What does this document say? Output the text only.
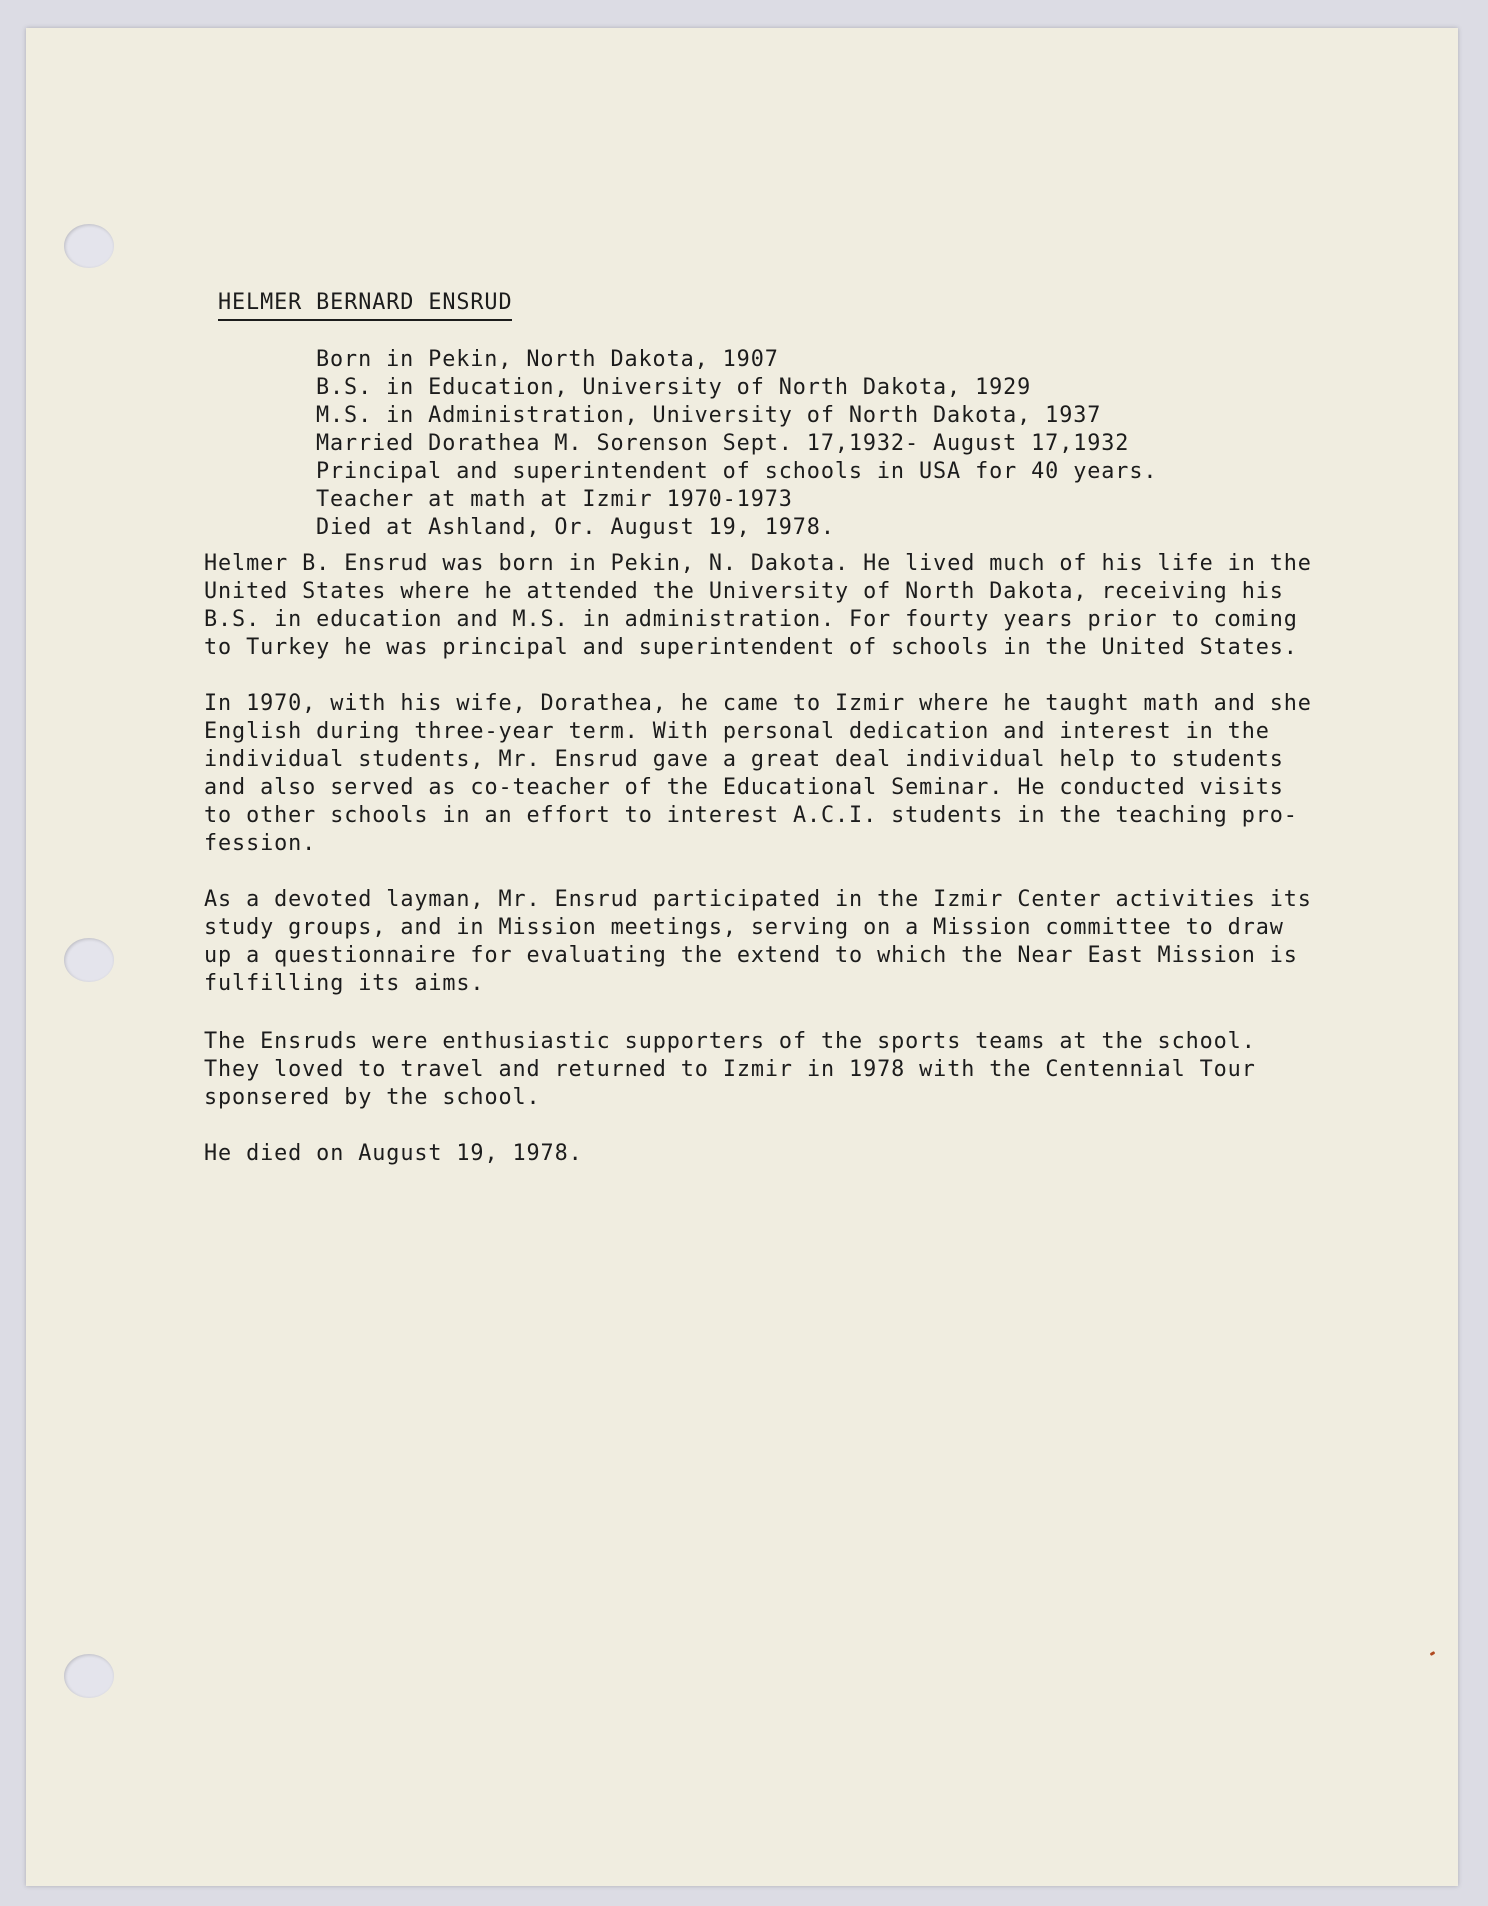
HELMER BERNARD ENSRUD
Born in Pekin, North Dakota, 1907
B.S. in Education, University of North Dakota, 1929
M.S. in Administration, University of North Dakota, 1937
Married Dorathea M. Sorenson Sept. 17,1932- August 17,1932
Principal and superintendent of schools in USA for 40 years.
Teacher at math at Izmir 1970-1973
Died at Ashland, Or. August 19, 1978.

Helmer B. Ensrud was born in Pekin, N. Dakota. He lived much of his life in the
United States where he attended the University of North Dakota, receiving his
B.S. in education and M.S. in administration. For fourty years prior to coming
to Turkey he was principal and superintendent of schools in the United States.

In 1970, with his wife, Dorathea, he came to Izmir where he taught math and she
English during three-year term. With personal dedication and interest in the
individual students, Mr. Ensrud gave a great deal individual help to students
and also served as co-teacher of the Educational Seminar. He conducted visits
to other schools in an effort to interest A.C.I. students in the teaching pro-
fession.

As a devoted layman, Mr. Ensrud participated in the Izmir Center activities its
study groups, and in Mission meetings, serving on a Mission committee to draw
up a questionnaire for evaluating the extend to which the Near East Mission is
fulfilling its aims.

The Ensruds were enthusiastic supporters of the sports teams at the school.
They loved to travel and returned to Izmir in 1978 with the Centennial Tour
sponsered by the school.

He died on August 19, 1978.
